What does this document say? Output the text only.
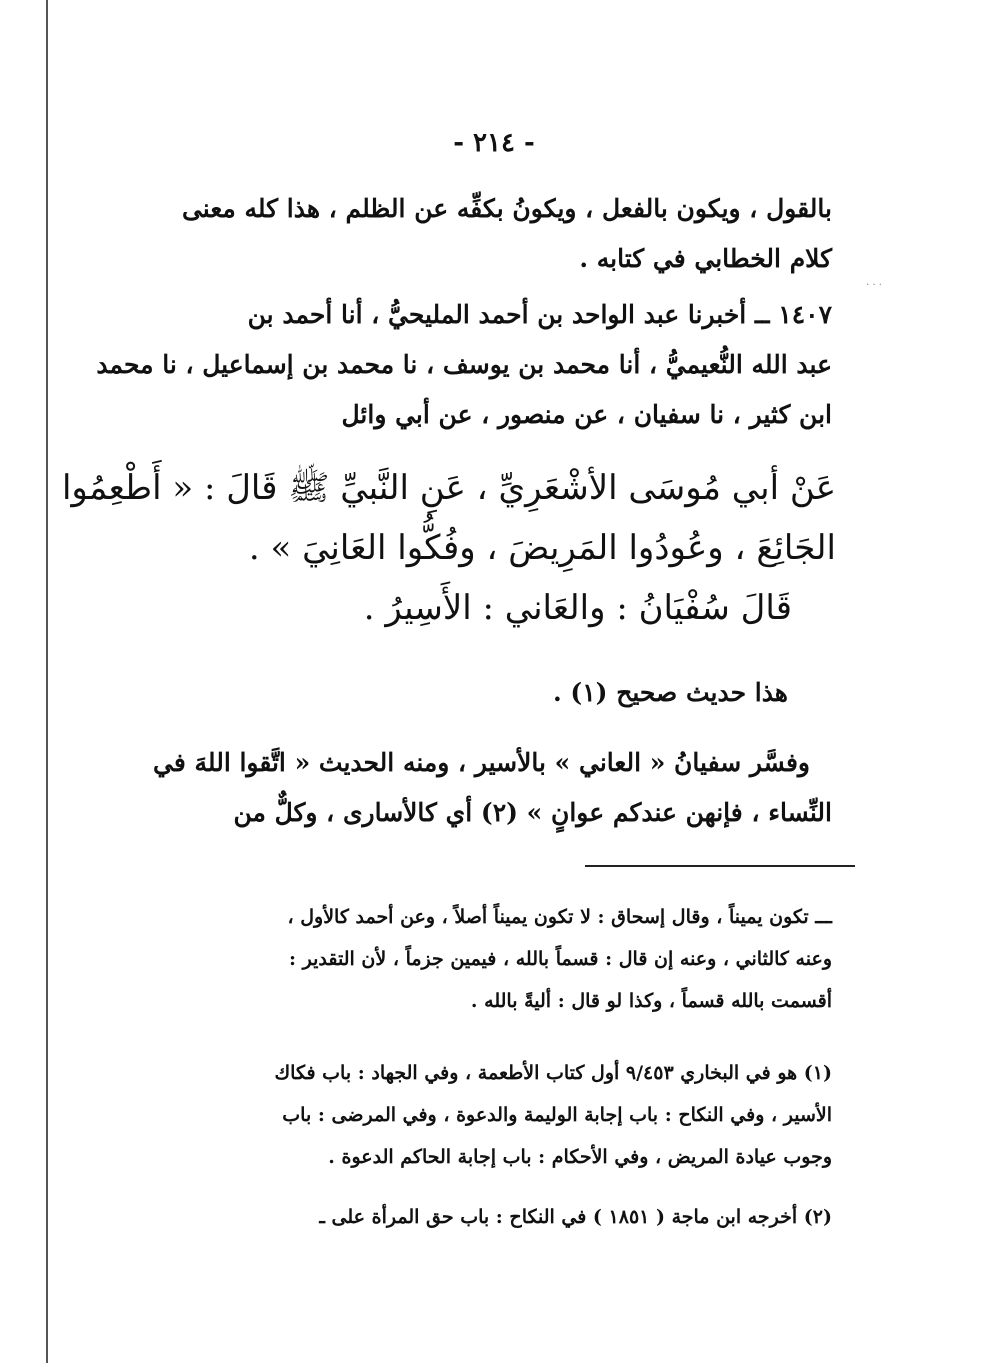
- ٢١٤ -
بالقول ، ويكون بالفعل ، ويكونُ بكفِّه عن الظلم ، هذا كله معنى
كلام الخطابي في كتابه .
١٤٠٧ ــ أخبرنا عبد الواحد بن أحمد المليحيُّ ، أنا أحمد بن
عبد الله النُّعيميُّ ، أنا محمد بن يوسف ، نا محمد بن إسماعيل ، نا محمد
ابن كثير ، نا سفيان ، عن منصور ، عن أبي وائل
عَنْ أبي مُوسَى الأشْعَرِيِّ ، عَنِ النَّبيِّ ﷺ قَالَ : « أَطْعِمُوا
الجَائِعَ ، وعُودُوا المَرِيضَ ، وفُكُّوا العَانِيَ » .
قَالَ سُفْيَانُ : والعَاني : الأَسِيرُ .
هذا حديث صحيح (١) .
وفسَّر سفيانُ « العاني » بالأسير ، ومنه الحديث « اتَّقوا اللهَ في
النِّساء ، فإنهن عندكم عوانٍ » (٢) أي كالأسارى ، وكلٌّ من
ـــ تكون يميناً ، وقال إسحاق : لا تكون يميناً أصلاً ، وعن أحمد كالأول ،
وعنه كالثاني ، وعنه إن قال : قسماً بالله ، فيمين جزماً ، لأن التقدير :
أقسمت بالله قسماً ، وكذا لو قال : أليةً بالله .
(١) هو في البخاري ٩/٤٥٣ أول كتاب الأطعمة ، وفي الجهاد : باب فكاك
الأسير ، وفي النكاح : باب إجابة الوليمة والدعوة ، وفي المرضى : باب
وجوب عيادة المريض ، وفي الأحكام : باب إجابة الحاكم الدعوة .
(٢) أخرجه ابن ماجة ( ١٨٥١ ) في النكاح : باب حق المرأة على ـ
· · ·
